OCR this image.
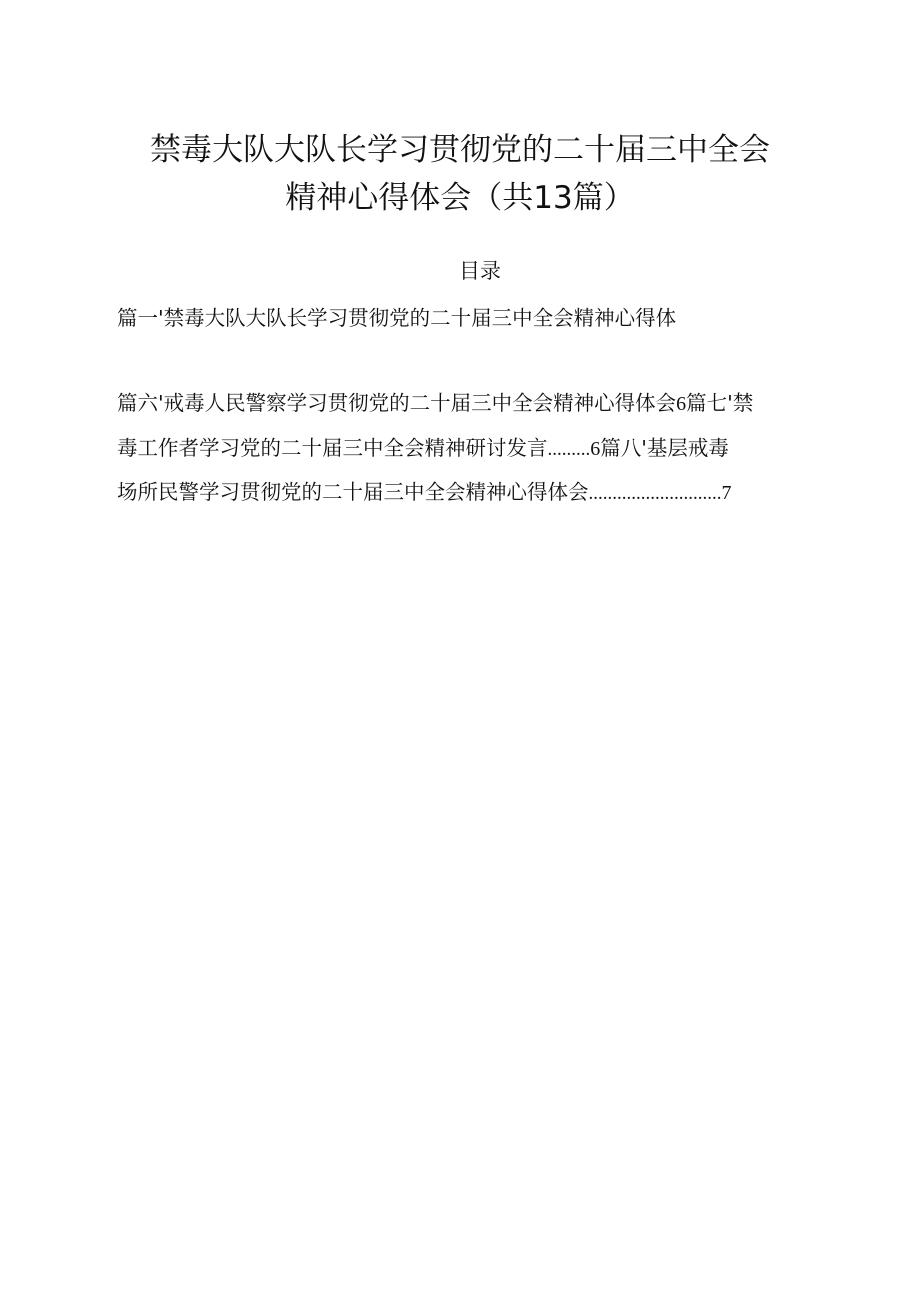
禁毒大队大队长学习贯彻党的二十届三中全会
精神心得体会（共13篇）
目录
篇一'禁毒大队大队长学习贯彻党的二十届三中全会精神心得体
篇六'戒毒人民警察学习贯彻党的二十届三中全会精神心得体会6篇七'禁
毒工作者学习党的二十届三中全会精神研讨发言.........6篇八'基层戒毒
场所民警学习贯彻党的二十届三中全会精神心得体会............................7
